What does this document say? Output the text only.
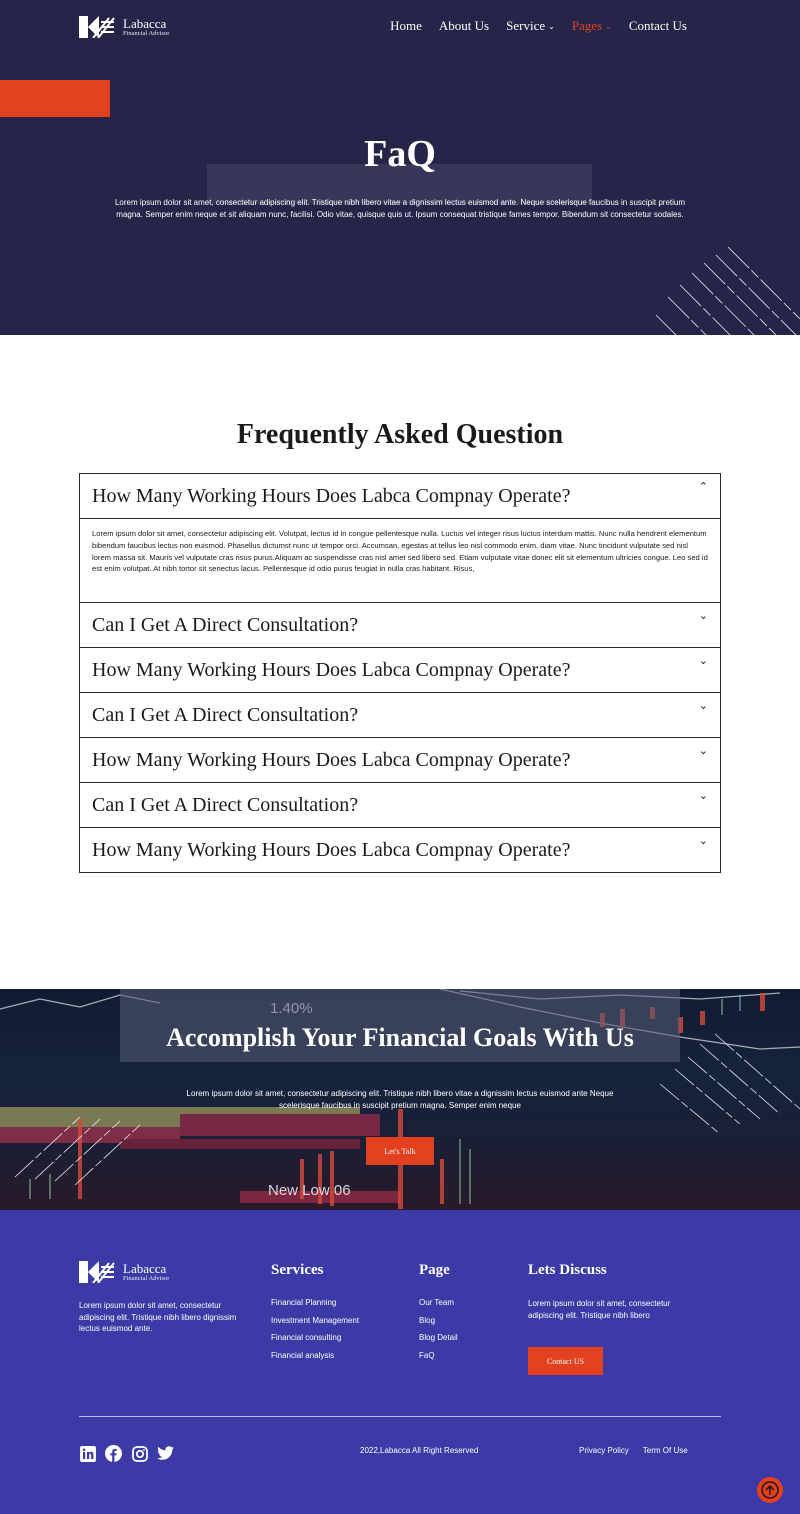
Labacca
Financial Advisor	Home About Us Service ⌄ Pages ⌄ Contact Us
FaQ

Lorem ipsum dolor sit amet, consectetur adipiscing elit. Tristique nibh libero vitae a dignissim lectus euismod ante. Neque scelerisque faucibus in suscipit pretium magna. Semper enim neque et sit aliquam nunc, facilisi. Odio vitae, quisque quis ut. Ipsum consequat tristique fames tempor. Bibendum sit consectetur sodales.

Frequently Asked Question
How Many Working Hours Does Labca Compnay Operate?	⌃
Lorem ipsum dolor sit amet, consectetur adipiscing elit. Volutpat, lectus id in congue pellentesque nulla. Luctus vel integer risus luctus interdum mattis. Nunc nulla hendrerit elementum bibendum faucibus lectus non euismod. Phasellus dictumst nunc ut tempor orci. Accumsan, egestas at tellus leo nisl commodo enim, diam vitae. Nunc tincidunt vulputate sed nisl lorem massa sit. Mauris vel vulputate cras risus purus.Aliquam ac suspendisse cras nisl amet sed libero sed. Etiam vulputate vitae donec elit sit elementum ultricies congue. Leo sed id est enim volutpat. At nibh tortor sit senectus lacus. Pellentesque id odio purus feugiat in nulla cras habitant. Risus,
Can I Get A Direct Consultation?	⌄
How Many Working Hours Does Labca Compnay Operate?	⌄
Can I Get A Direct Consultation?	⌄
How Many Working Hours Does Labca Compnay Operate?	⌄
Can I Get A Direct Consultation?	⌄
How Many Working Hours Does Labca Compnay Operate?	⌄
New Low 06
Accomplish Your Financial Goals With Us

Lorem ipsum dolor sit amet, consectetur adipiscing elit. Tristique nibh libero vitae a dignissim lectus euismod ante Neque scelerisque faucibus in suscipit pretium magna. Semper enim neque

Let's Talk
Labacca
Financial Advisor

Lorem ipsum dolor sit amet, consectetur adipiscing elit. Tristique nibh libero dignissim lectus euismod ante.

Services
Financial Planning
Investment Management
Financial consulting
Financial analysis
Page
Our Team
Blog
Blog Detail
FaQ
Lets Discuss

Lorem ipsum dolor sit amet, consectetur adipiscing elit. Tristique nibh libero

Contact US
2022,Labacca All Right Reserved	Privacy Policy Term Of Use
